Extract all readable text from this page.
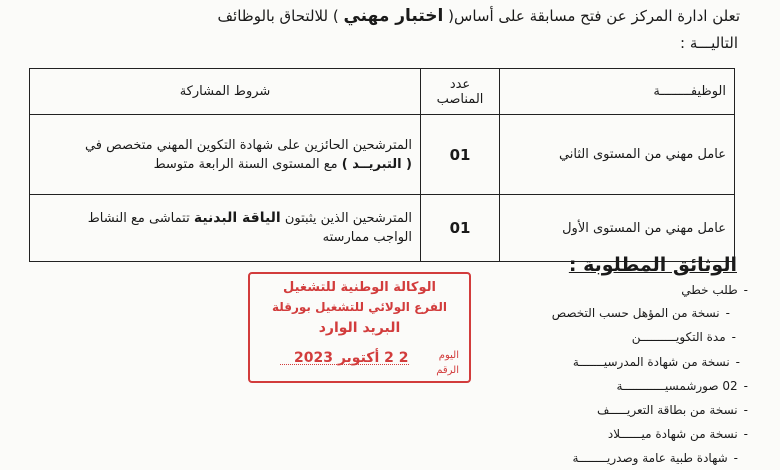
تعلن ادارة المركز عن فتح مسابقة على أساس( اختبار مهني ) للالتحاق بالوظائف
التاليـــة :
الوظيفــــــــة	عدد المناصب	شروط المشاركة
عامل مهني من المستوى الثاني	01	المترشحين الحائزين على شهادة التكوين المهني متخصص في
( التبريــد ) مع المستوى السنة الرابعة متوسط

عامل مهني من المستوى الأول	01	المترشحين الذين يثبتون الياقة البدنية تتماشى مع النشاط
الواجب ممارسته
الوثائق المطلوبة :
-طلب خطي
-نسخة من المؤهل حسب التخصص
-مدة التكويــــــــــن
-نسخة من شهادة المدرسيـــــــة
-02 صورشمسيــــــــــــة
-نسخة من بطاقة التعريـــــف
-نسخة من شهادة ميــــــلاد
-شهادة طبية عامة وصدريــــــــة
الوكالة الوطنية للتشغيل
الفرع الولائي للتشغيل بورقلة
البريد الوارد
اليوم
الرقم
2 2 أكتوبر 2023
